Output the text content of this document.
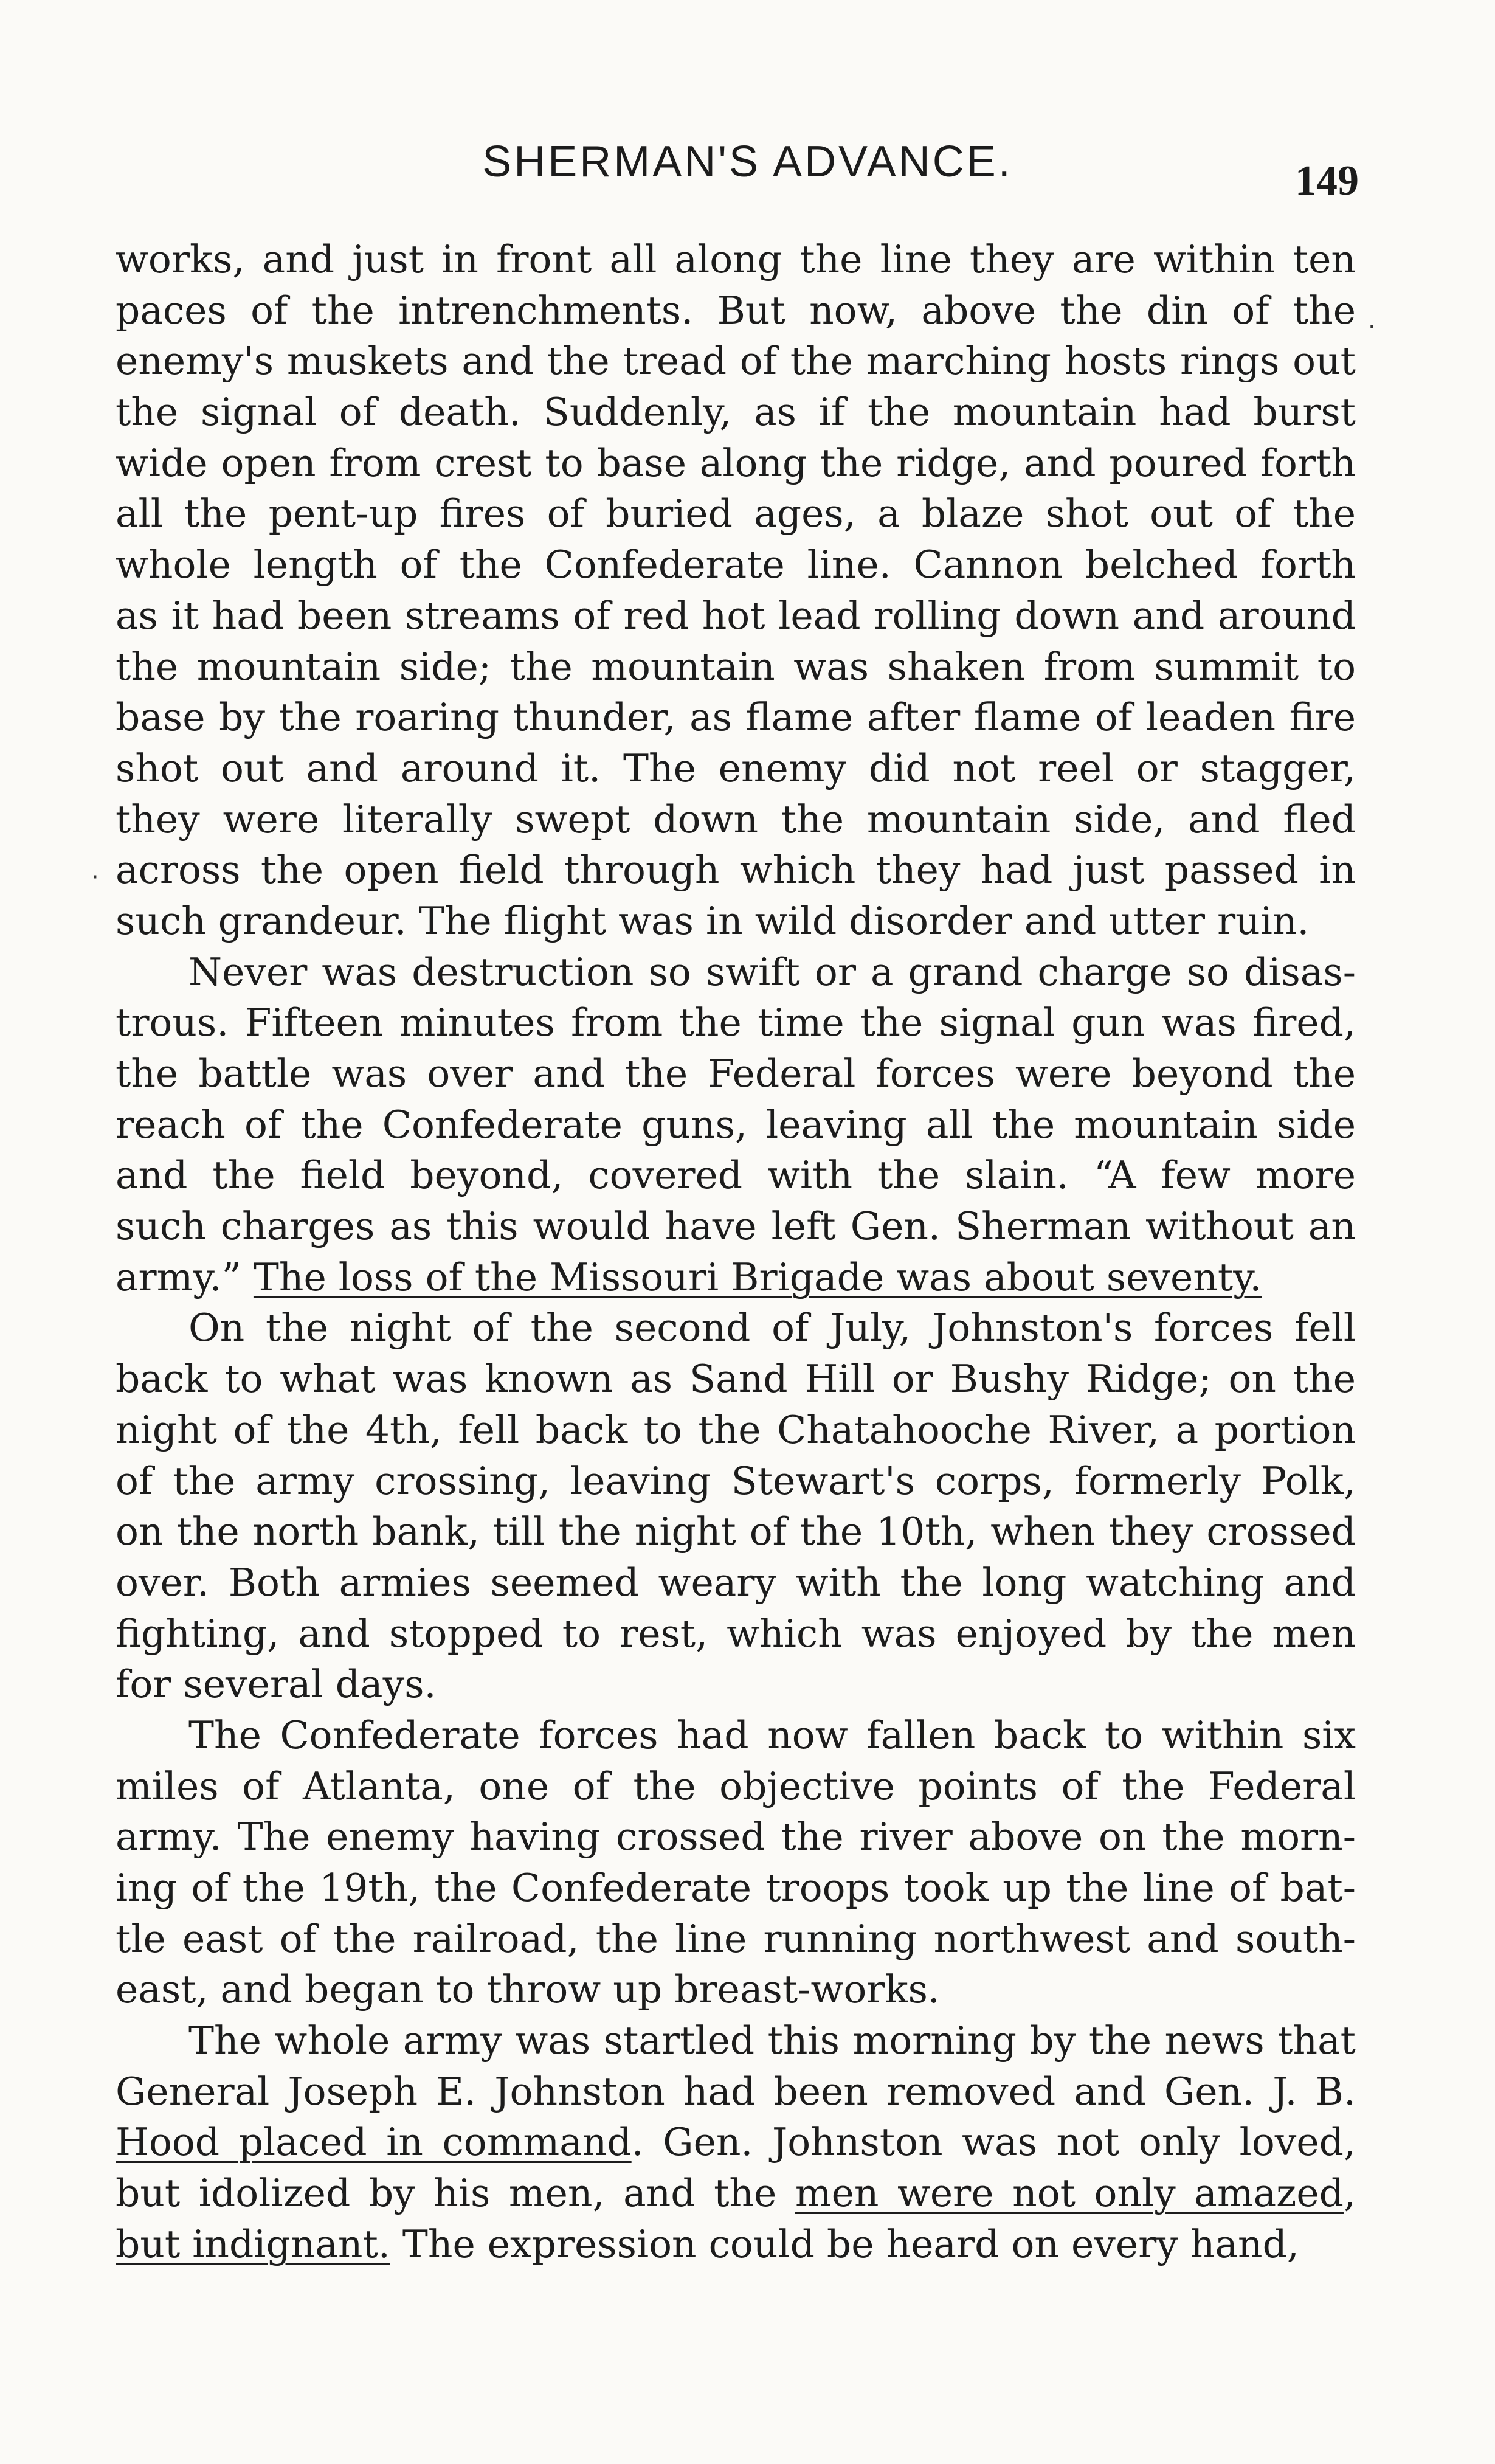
SHERMAN'S ADVANCE.	149
·
·
works, and just in front all along the line they are within ten
paces of the intrenchments. But now, above the din of the
enemy's muskets and the tread of the marching hosts rings out
the signal of death. Suddenly, as if the mountain had burst
wide open from crest to base along the ridge, and poured forth
all the pent-up fires of buried ages, a blaze shot out of the
whole length of the Confederate line. Cannon belched forth
as it had been streams of red hot lead rolling down and around
the mountain side; the mountain was shaken from summit to
base by the roaring thunder, as flame after flame of leaden fire
shot out and around it. The enemy did not reel or stagger,
they were literally swept down the mountain side, and fled
across the open field through which they had just passed in
such grandeur. The flight was in wild disorder and utter ruin.
Never was destruction so swift or a grand charge so disas-
trous. Fifteen minutes from the time the signal gun was fired,
the battle was over and the Federal forces were beyond the
reach of the Confederate guns, leaving all the mountain side
and the field beyond, covered with the slain. “A few more
such charges as this would have left Gen. Sherman without an
army.” The loss of the Missouri Brigade was about seventy.
On the night of the second of July, Johnston's forces fell
back to what was known as Sand Hill or Bushy Ridge; on the
night of the 4th, fell back to the Chatahooche River, a portion
of the army crossing, leaving Stewart's corps, formerly Polk,
on the north bank, till the night of the 10th, when they crossed
over. Both armies seemed weary with the long watching and
fighting, and stopped to rest, which was enjoyed by the men
for several days.
The Confederate forces had now fallen back to within six
miles of Atlanta, one of the objective points of the Federal
army. The enemy having crossed the river above on the morn-
ing of the 19th, the Confederate troops took up the line of bat-
tle east of the railroad, the line running northwest and south-
east, and began to throw up breast-works.
The whole army was startled this morning by the news that
General Joseph E. Johnston had been removed and Gen. J. B.
Hood placed in command. Gen. Johnston was not only loved,
but idolized by his men, and the men were not only amazed,
but indignant. The expression could be heard on every hand,
